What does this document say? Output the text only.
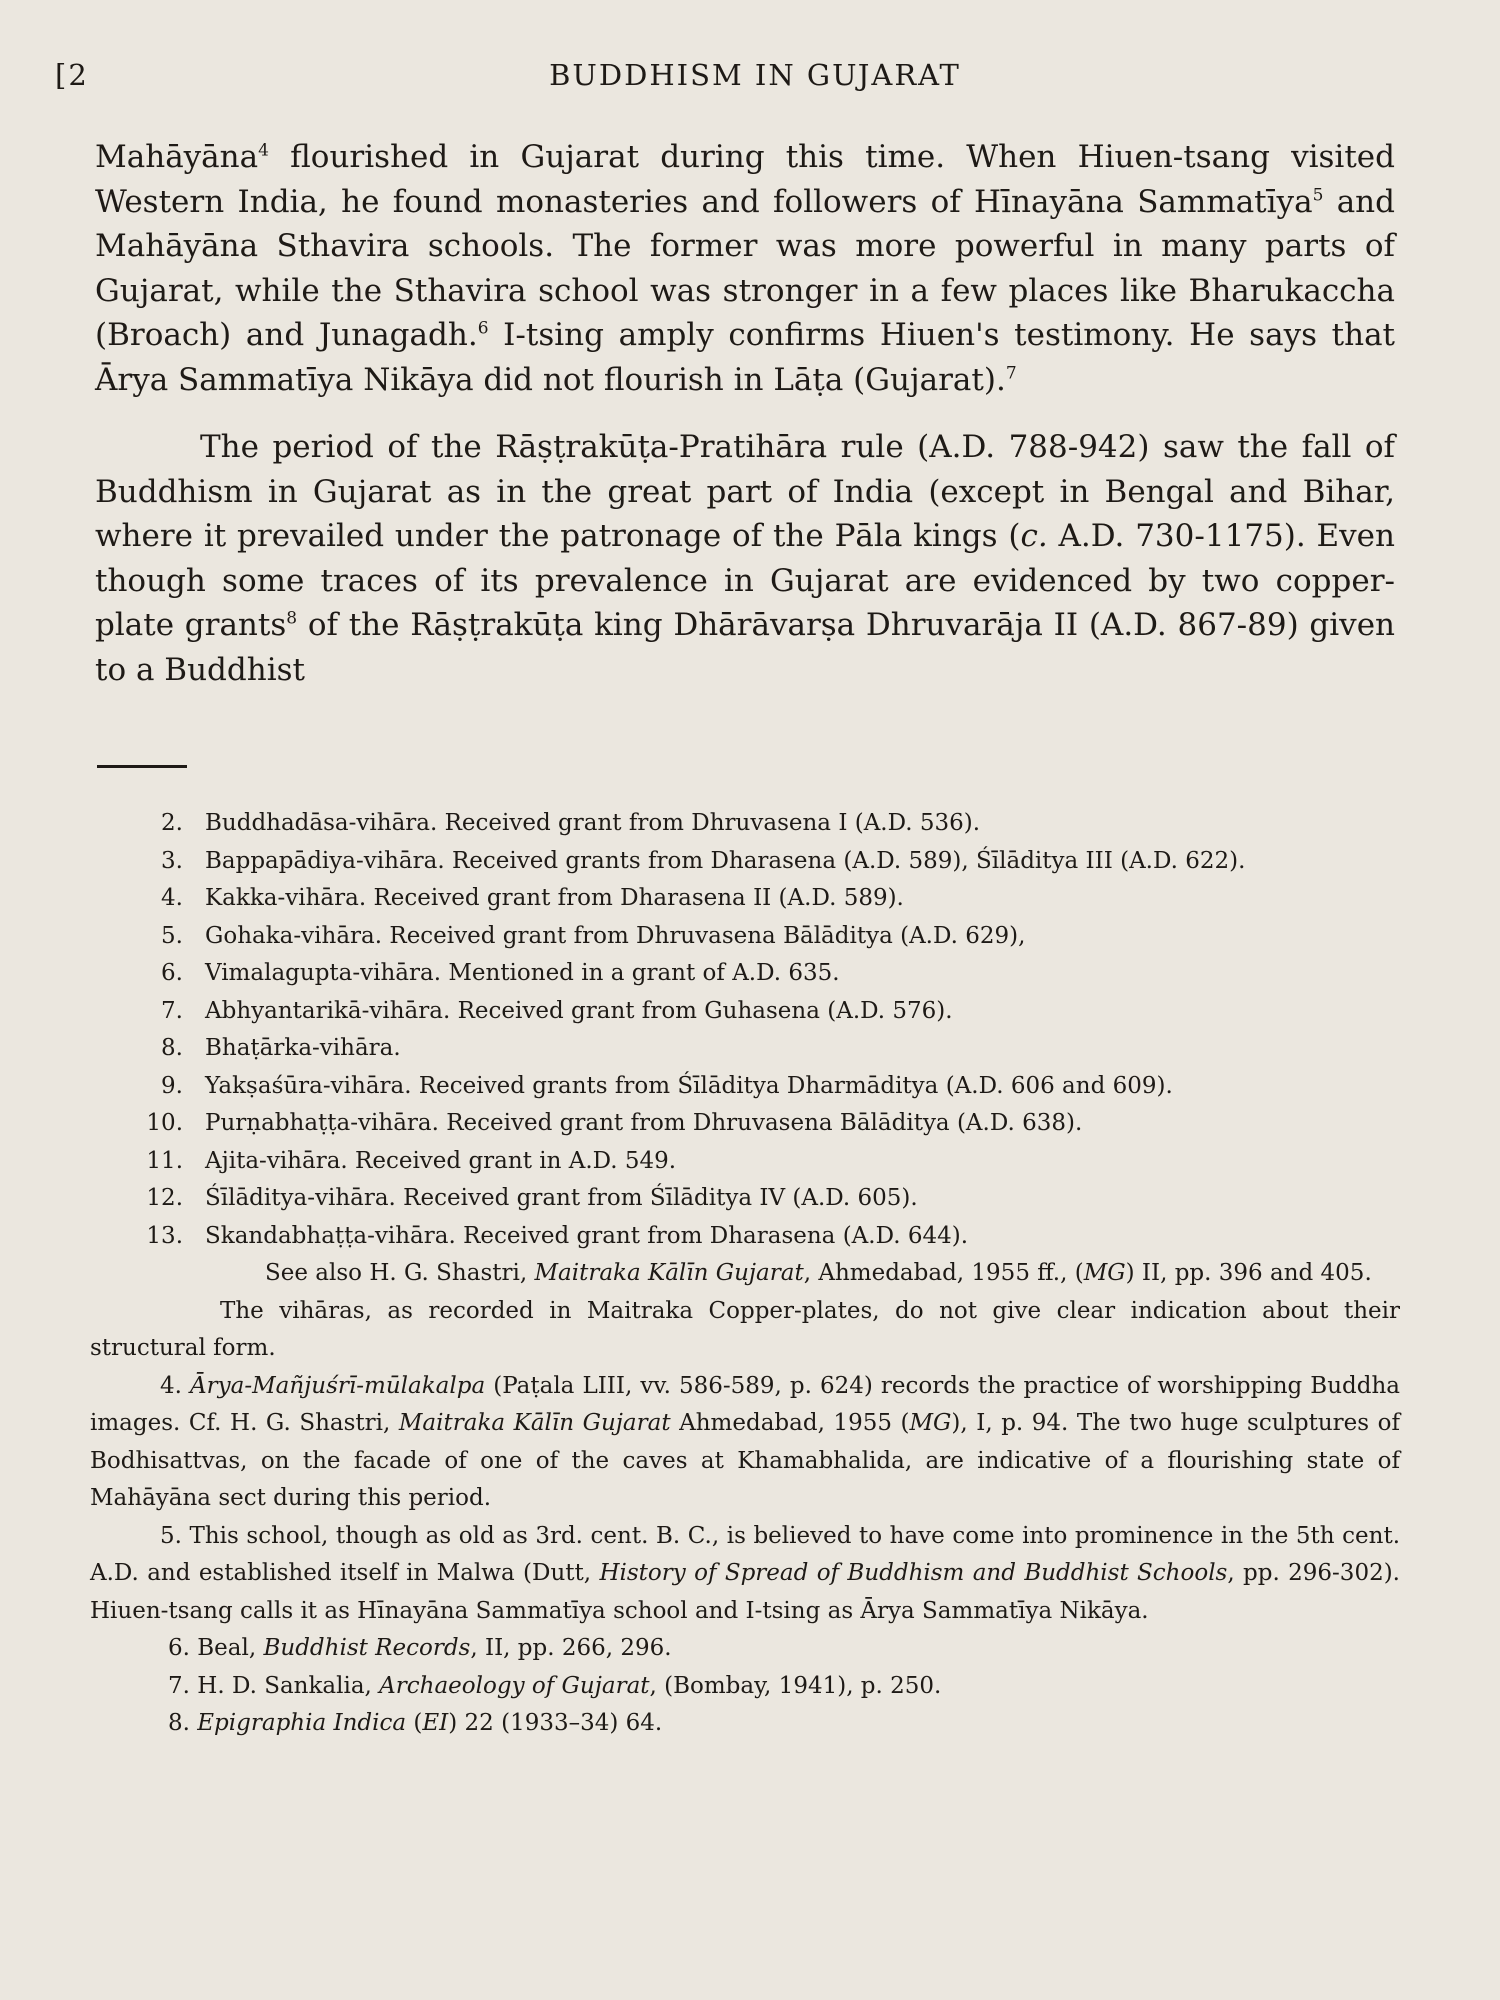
[2	BUDDHISM IN GUJARAT

Mahāyāna$^4$ flourished in Gujarat during this time. When Hiuen-tsang visited Western India, he found monasteries and followers of Hīnayāna Sammatīya$^5$ and Mahāyāna Sthavira schools. The former was more powerful in many parts of Gujarat, while the Sthavira school was stronger in a few places like Bharukaccha (Broach) and Junagadh.$^6$ I-tsing amply confirms Hiuen's testimony. He says that Ārya Sammatīya Nikāya did not flourish in Lāṭa (Gujarat).$^7$

The period of the Rāṣṭrakūṭa-Pratihāra rule (A.D. 788-942) saw the fall of Buddhism in Gujarat as in the great part of India (except in Bengal and Bihar, where it prevailed under the patronage of the Pāla kings (c. A.D. 730-1175). Even though some traces of its prevalence in Gujarat are evidenced by two copper-plate grants$^8$ of the Rāṣṭrakūṭa king Dhārāvarṣa Dhruvarāja II (A.D. 867-89) given to a Buddhist

2. Buddhadāsa-vihāra. Received grant from Dhruvasena I (A.D. 536).
3. Bappapādiya-vihāra. Received grants from Dharasena (A.D. 589), Śīlāditya III (A.D. 622).
4. Kakka-vihāra. Received grant from Dharasena II (A.D. 589).
5. Gohaka-vihāra. Received grant from Dhruvasena Bālāditya (A.D. 629),
6. Vimalagupta-vihāra. Mentioned in a grant of A.D. 635.
7. Abhyantarikā-vihāra. Received grant from Guhasena (A.D. 576).
8. Bhaṭārka-vihāra.
9. Yakṣaśūra-vihāra. Received grants from Śīlāditya Dharmāditya (A.D. 606 and 609).
10. Purṇabhaṭṭa-vihāra. Received grant from Dhruvasena Bālāditya (A.D. 638).
11. Ajita-vihāra. Received grant in A.D. 549.
12. Śīlāditya-vihāra. Received grant from Śīlāditya IV (A.D. 605).
13. Skandabhaṭṭa-vihāra. Received grant from Dharasena (A.D. 644).

See also H. G. Shastri, Maitraka Kālīn Gujarat, Ahmedabad, 1955 ff., (MG) II, pp. 396 and 405.

The vihāras, as recorded in Maitraka Copper-plates, do not give clear indication about their structural form.

4. Ārya-Mañjuśrī-mūlakalpa (Paṭala LIII, vv. 586-589, p. 624) records the practice of worshipping Buddha images. Cf. H. G. Shastri, Maitraka Kālīn Gujarat Ahmedabad, 1955 (MG), I, p. 94. The two huge sculptures of Bodhisattvas, on the facade of one of the caves at Khamabhalida, are indicative of a flourishing state of Mahāyāna sect during this period.

5. This school, though as old as 3rd. cent. B. C., is believed to have come into prominence in the 5th cent. A.D. and established itself in Malwa (Dutt, History of Spread of Buddhism and Buddhist Schools, pp. 296-302). Hiuen-tsang calls it as Hīnayāna Sammatīya school and I-tsing as Ārya Sammatīya Nikāya.

6. Beal, Buddhist Records, II, pp. 266, 296.

7. H. D. Sankalia, Archaeology of Gujarat, (Bombay, 1941), p. 250.

8. Epigraphia Indica (EI) 22 (1933–34) 64.
